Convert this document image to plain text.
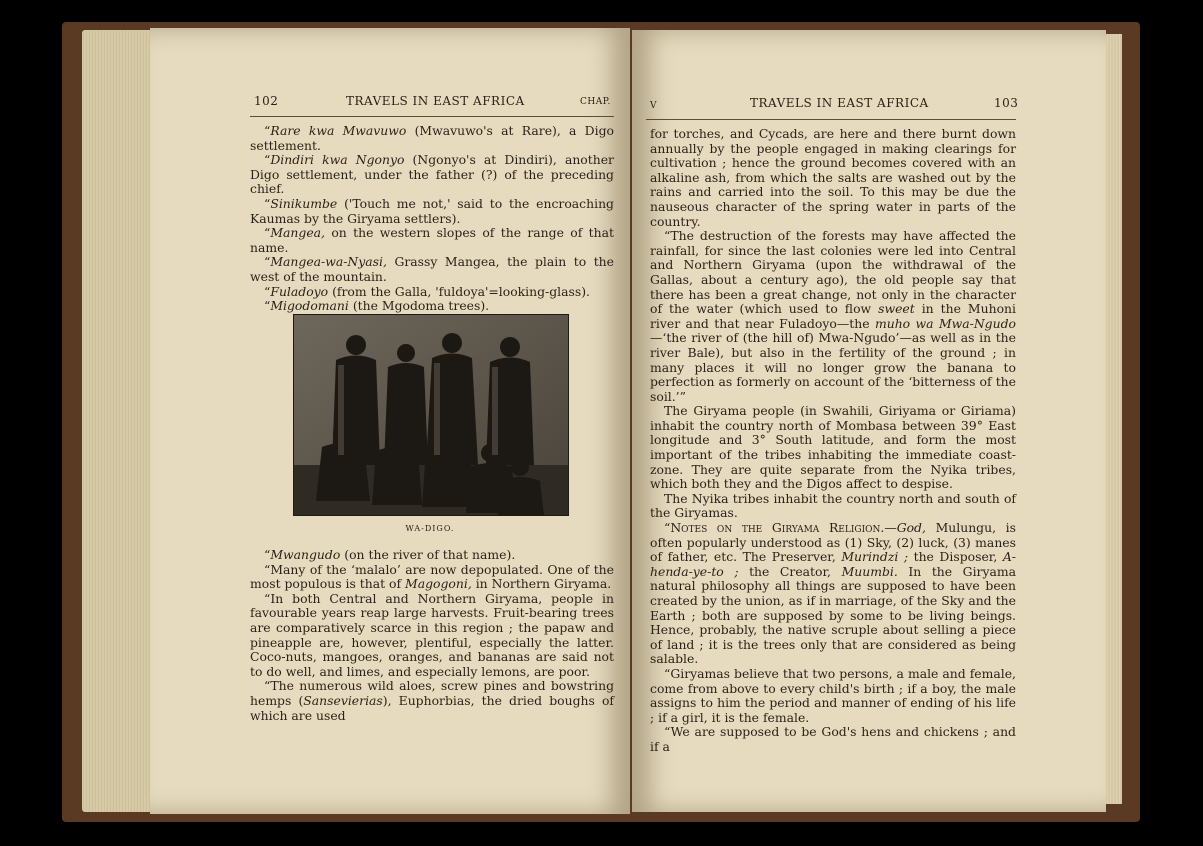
102	TRAVELS IN EAST AFRICA	CHAP.

“Rare kwa Mwavuwo (Mwavuwo's at Rare), a Digo settlement.

“Dindiri kwa Ngonyo (Ngonyo's at Dindiri), another Digo settlement, under the father (?) of the preceding chief.

“Sinikumbe ('Touch me not,' said to the encroaching Kaumas by the Giryama settlers).

“Mangea, on the western slopes of the range of that name.

“Mangea-wa-Nyasi, Grassy Mangea, the plain to the west of the mountain.

“Fuladoyo (from the Galla, 'fuldoya'=looking-glass).

“Migodomani (the Mgodoma trees).

WA-DIGO.

“Mwangudo (on the river of that name).

“Many of the ‘malalo’ are now depopulated. One of the most populous is that of Magogoni, in Northern Giryama.

“In both Central and Northern Giryama, people in favourable years reap large harvests. Fruit-bearing trees are comparatively scarce in this region ; the papaw and pineapple are, however, plentiful, especially the latter. Coco-nuts, mangoes, oranges, and bananas are said not to do well, and limes, and especially lemons, are poor.

“The numerous wild aloes, screw pines and bowstring hemps (Sansevierias), Euphorbias, the dried boughs of which are used

V	TRAVELS IN EAST AFRICA	103

for torches, and Cycads, are here and there burnt down annually by the people engaged in making clearings for cultivation ; hence the ground becomes covered with an alkaline ash, from which the salts are washed out by the rains and carried into the soil. To this may be due the nauseous character of the spring water in parts of the country.

“The destruction of the forests may have affected the rainfall, for since the last colonies were led into Central and Northern Giryama (upon the withdrawal of the Gallas, about a century ago), the old people say that there has been a great change, not only in the character of the water (which used to flow sweet in the Muhoni river and that near Fuladoyo—the muho wa Mwa-Ngudo—‘the river of (the hill of) Mwa-Ngudo’—as well as in the river Bale), but also in the fertility of the ground ; in many places it will no longer grow the banana to perfection as formerly on account of the ‘bitterness of the soil.’”

The Giryama people (in Swahili, Giriyama or Giriama) inhabit the country north of Mombasa between 39° East longitude and 3° South latitude, and form the most important of the tribes inhabiting the immediate coast-zone. They are quite separate from the Nyika tribes, which both they and the Digos affect to despise.

The Nyika tribes inhabit the country north and south of the Giryamas.

“Notes on the Giryama Religion.—God, Mulungu, is often popularly understood as (1) Sky, (2) luck, (3) manes of father, etc. The Preserver, Murindzi ; the Disposer, A-henda-ye-to ; the Creator, Muumbi. In the Giryama natural philosophy all things are supposed to have been created by the union, as if in marriage, of the Sky and the Earth ; both are supposed by some to be living beings. Hence, probably, the native scruple about selling a piece of land ; it is the trees only that are considered as being salable.

“Giryamas believe that two persons, a male and female, come from above to every child's birth ; if a boy, the male assigns to him the period and manner of ending of his life ; if a girl, it is the female.

“We are supposed to be God's hens and chickens ; and if a
